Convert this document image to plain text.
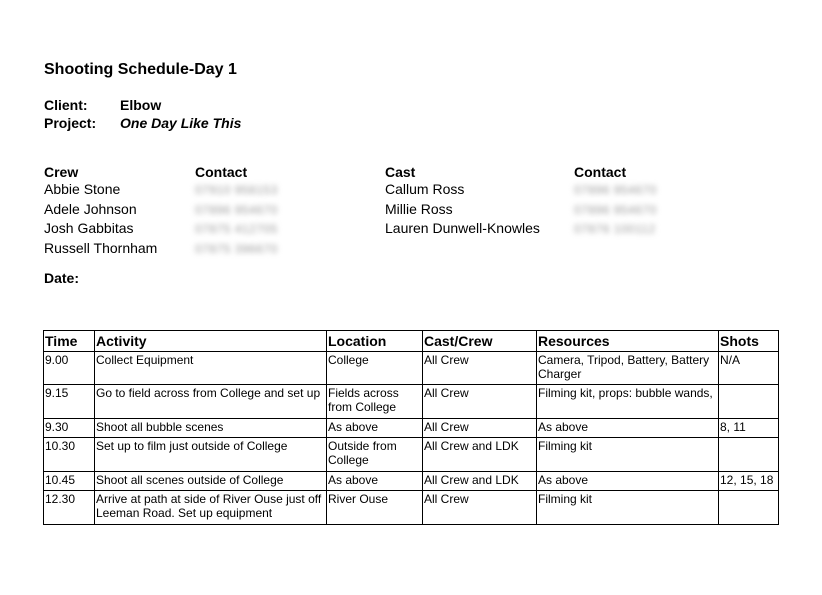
Shooting Schedule-Day 1
Client: Elbow
Project: One Day Like This
Crew	Contact	Cast	Contact
Abbie Stone	07910 958153
Adele Johnson	07896 954670
Josh Gabbitas	07875 412705
Russell Thornham	07875 396670
Callum Ross	07896 954670
Millie Ross	07896 954670
Lauren Dunwell-Knowles	07876 100112
Date:
Time	Activity	Location	Cast/Crew	Resources	Shots
9.00	Collect Equipment	College	All Crew	Camera, Tripod, Battery, Battery Charger	N/A
9.15	Go to field across from College and set up	Fields across from College	All Crew	Filming kit, props: bubble wands,	
9.30	Shoot all bubble scenes	As above	All Crew	As above	8, 11
10.30	Set up to film just outside of College	Outside from College	All Crew and LDK	Filming kit	
10.45	Shoot all scenes outside of College	As above	All Crew and LDK	As above	12, 15, 18
12.30	Arrive at path at side of River Ouse just off Leeman Road. Set up equipment	River Ouse	All Crew	Filming kit	
